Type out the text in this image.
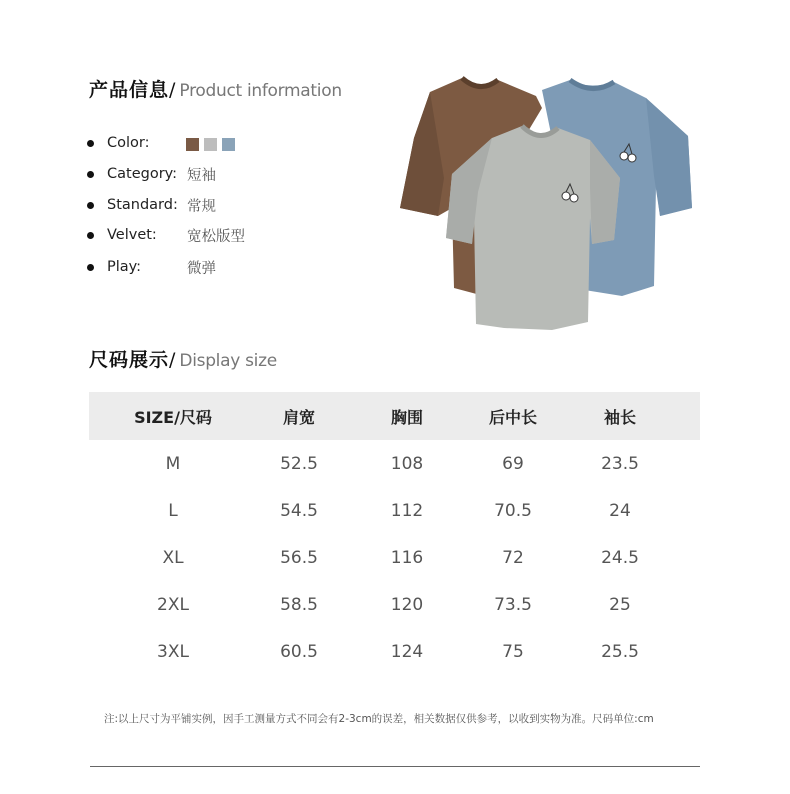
产品信息 / Product information
Color:
Category: 短袖
Standard: 常规
Velvet:	宽松版型
Play:	微弹
尺码展示 / Display size
SIZE/尺码	肩宽	胸围	后中长	袖长
M	52.5	108	69	23.5
L	54.5	112	70.5	24
XL	56.5	116	72	24.5
2XL	58.5	120	73.5	25
3XL	60.5	124	75	25.5
注:以上尺寸为平铺实例，因手工测量方式不同会有2-3cm的误差，相关数据仅供参考，以收到实物为准。尺码单位:cm
